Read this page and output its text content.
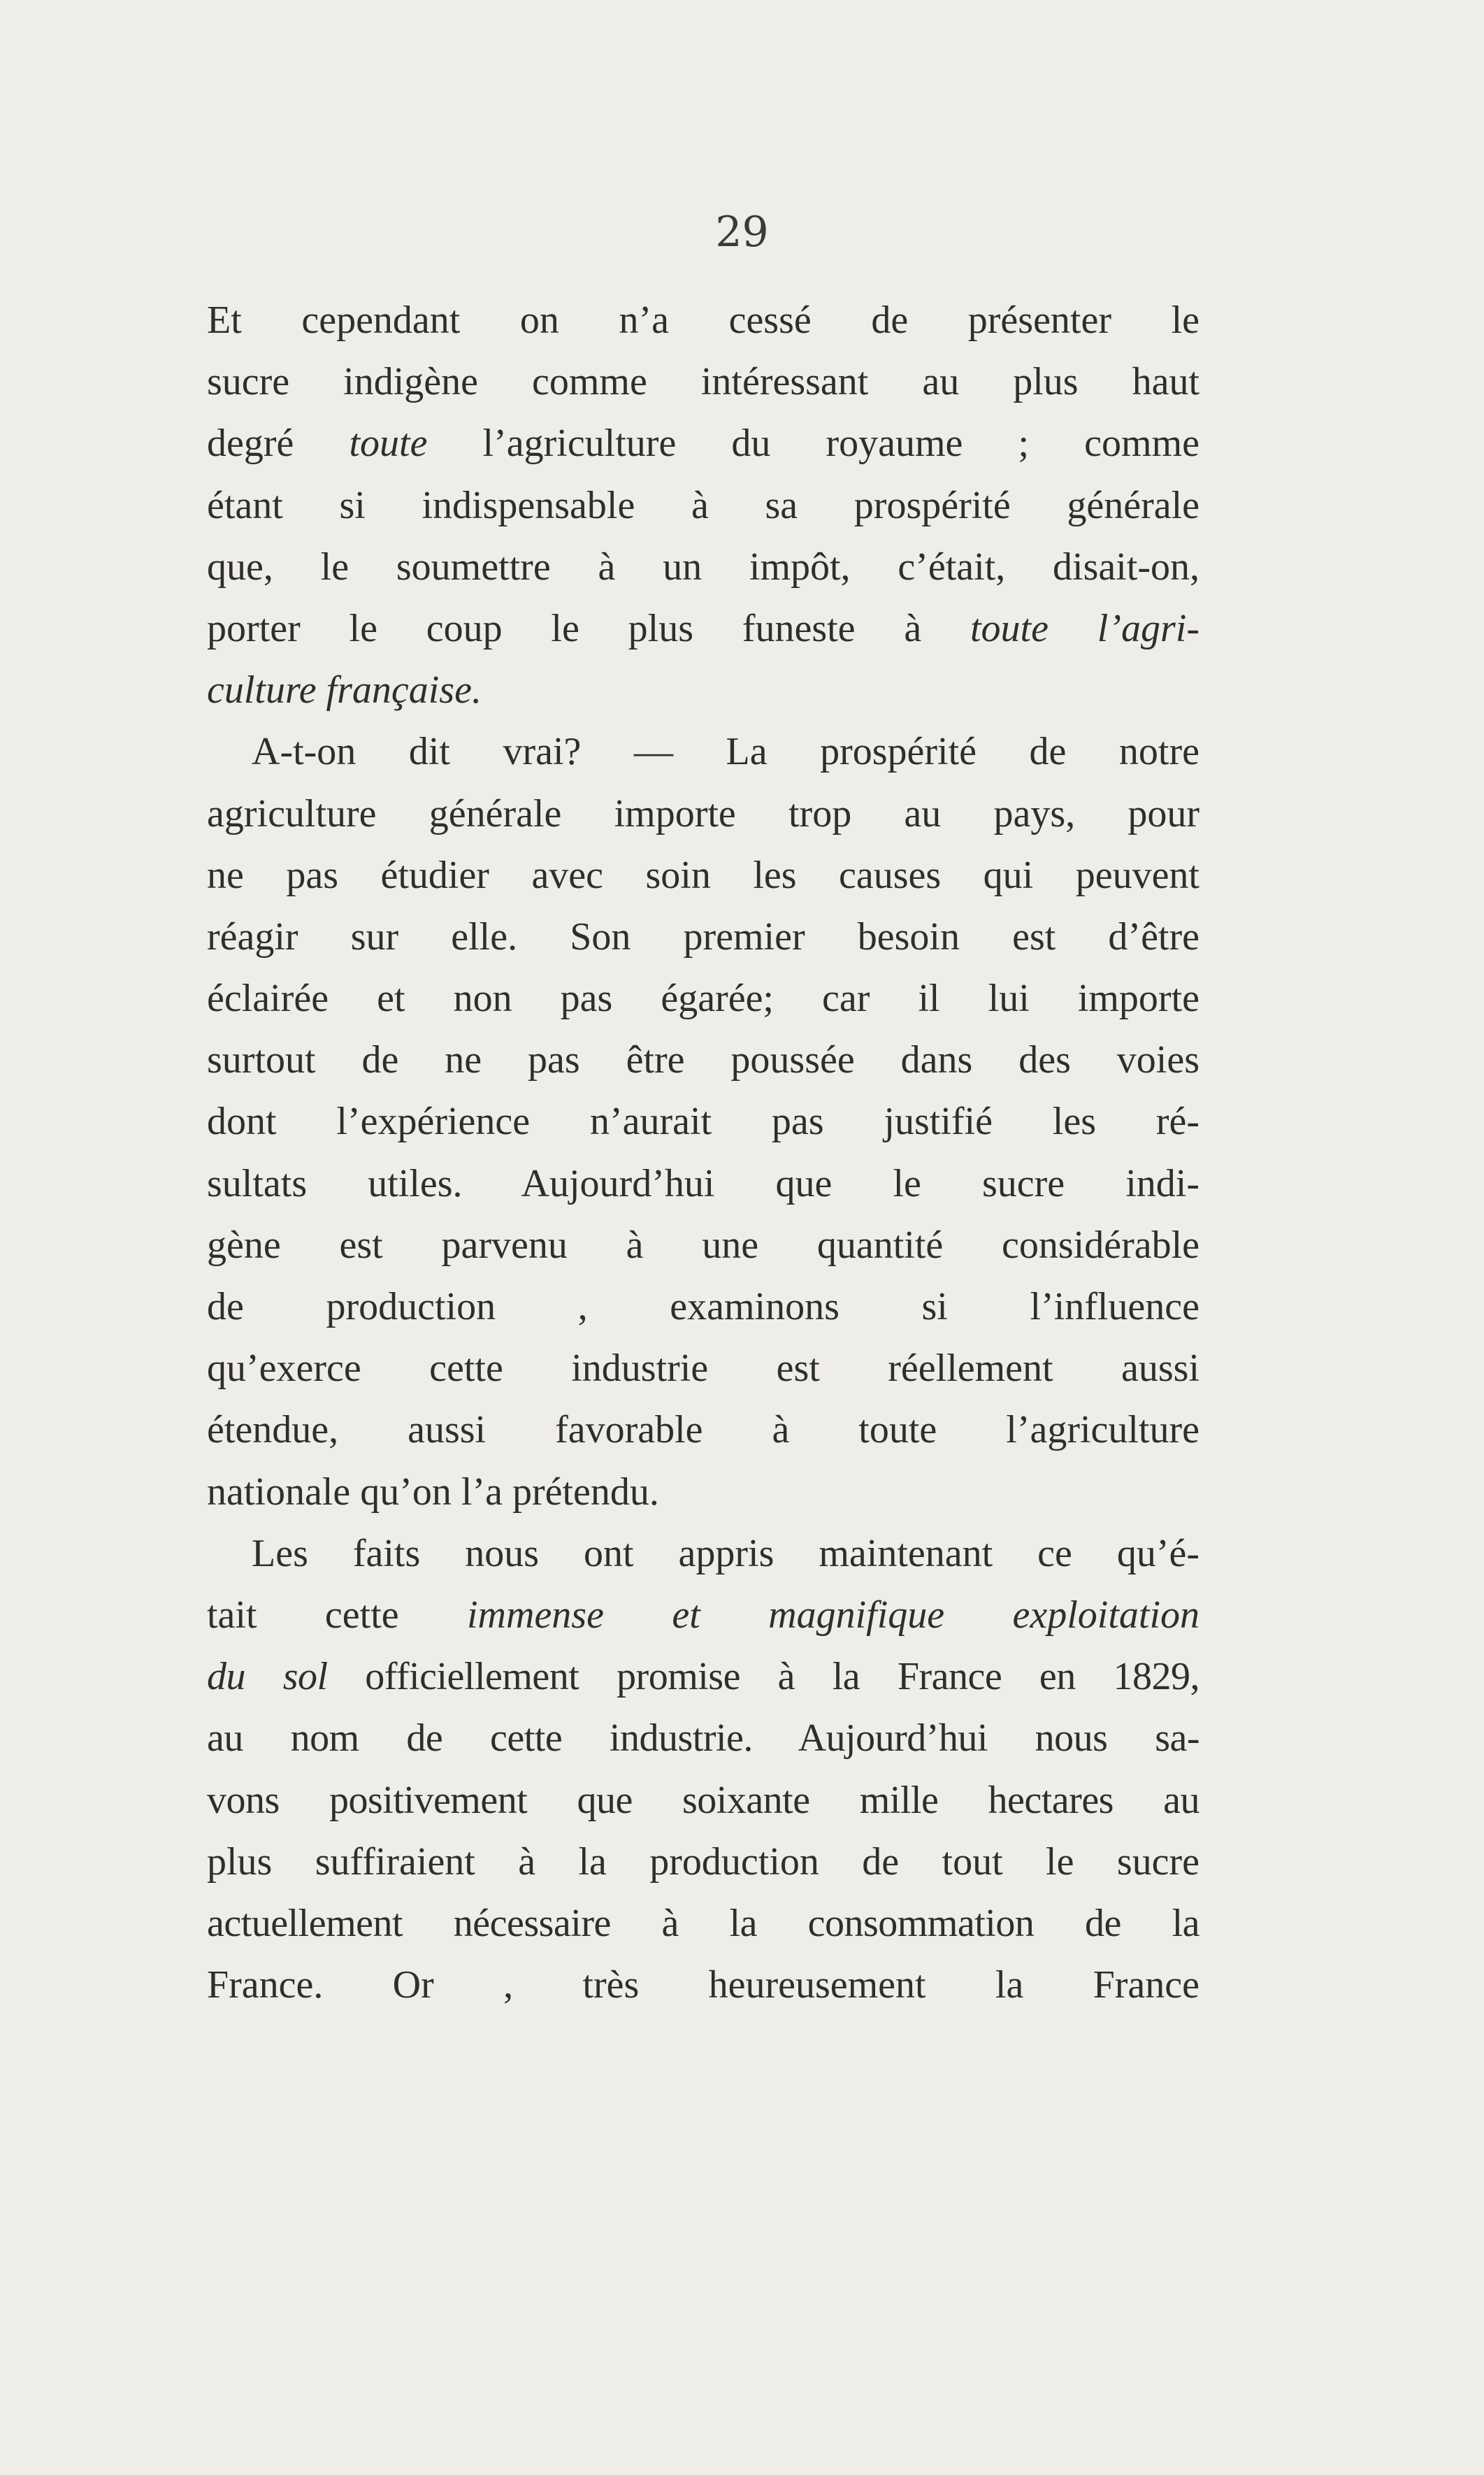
29
Et cependant on n’a cessé de présenter le
sucre indigène comme intéressant au plus haut
degré toute l’agriculture du royaume ; comme
étant si indispensable à sa prospérité générale
que, le soumettre à un impôt, c’était, disait-on,
porter le coup le plus funeste à toute l’agri-
culture française.
A-t-on dit vrai? — La prospérité de notre
agriculture générale importe trop au pays, pour
ne pas étudier avec soin les causes qui peuvent
réagir sur elle. Son premier besoin est d’être
éclairée et non pas égarée; car il lui importe
surtout de ne pas être poussée dans des voies
dont l’expérience n’aurait pas justifié les ré-
sultats utiles. Aujourd’hui que le sucre indi-
gène est parvenu à une quantité considérable
de production , examinons si l’influence
qu’exerce cette industrie est réellement aussi
étendue, aussi favorable à toute l’agriculture
nationale qu’on l’a prétendu.
Les faits nous ont appris maintenant ce qu’é-
tait cette immense et magnifique exploitation
du sol officiellement promise à la France en 1829,
au nom de cette industrie. Aujourd’hui nous sa-
vons positivement que soixante mille hectares au
plus suffiraient à la production de tout le sucre
actuellement nécessaire à la consommation de la
France. Or , très heureusement la France
